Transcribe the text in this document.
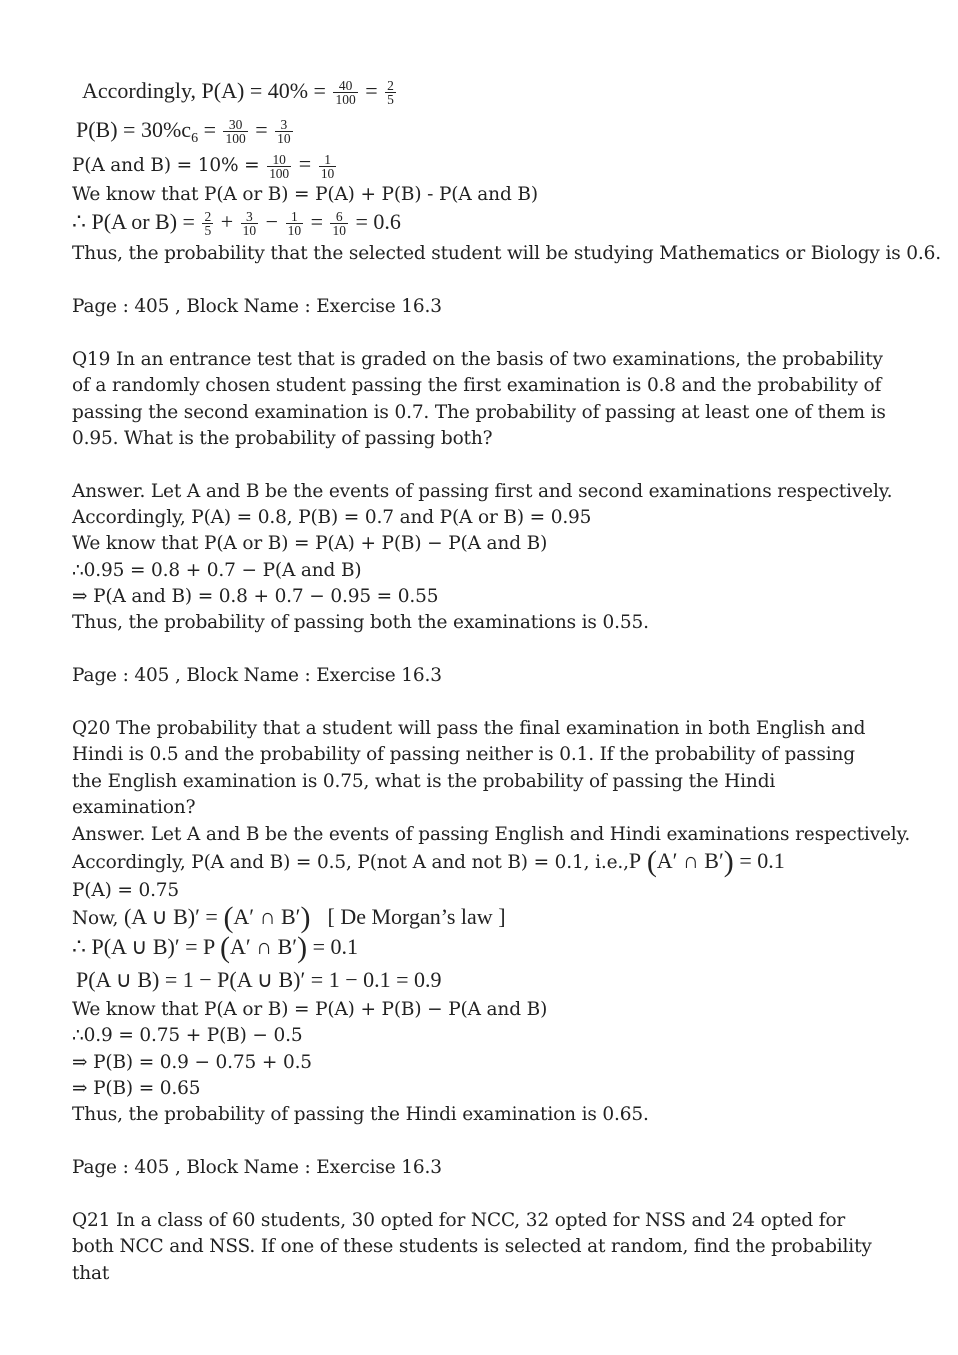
Accordingly, $P(A) = 40\% = \frac{40}{100} = \frac{2}{5}$
$P(B) = 30\%c_6 = \frac{30}{100} = \frac{3}{10}$
P(A and $B) = 10\% = \frac{10}{100} = \frac{1}{10}$
We know that P(A or B) = P(A) + P(B) - P(A and B)
∴ P(A or $B) = \frac{2}{5} + \frac{3}{10} - \frac{1}{10} = \frac{6}{10} = 0.6$
Thus, the probability that the selected student will be studying Mathematics or Biology is 0.6.
Page : 405 , Block Name : Exercise 16.3
Q19 In an entrance test that is graded on the basis of two examinations, the probability of a randomly chosen student passing the first examination is 0.8 and the probability of passing the second examination is 0.7. The probability of passing at least one of them is 0.95. What is the probability of passing both?
Answer. Let A and B be the events of passing first and second examinations respectively.
Accordingly, P(A) = 0.8, P(B) = 0.7 and P(A or B) = 0.95
We know that P(A or B) = P(A) + P(B) − P(A and B)
∴0.95 = 0.8 + 0.7 − P(A and B)
⇒ P(A and B) = 0.8 + 0.7 − 0.95 = 0.55
Thus, the probability of passing both the examinations is 0.55.
Page : 405 , Block Name : Exercise 16.3
Q20 The probability that a student will pass the final examination in both English and Hindi is 0.5 and the probability of passing neither is 0.1. If the probability of passing the English examination is 0.75, what is the probability of passing the Hindi examination?
Answer. Let A and B be the events of passing English and Hindi examinations respectively.
Accordingly, P(A and B) = 0.5, P(not A and not B) = 0.1, i.e.,P (A′ ∩ B′) = 0.1
P(A) = 0.75
Now, (A ∪ B)′ = (A′ ∩ B′) [ De Morgan’s law ]
∴ P(A ∪ B)′ = P (A′ ∩ B′) = 0.1
P(A ∪ B) = 1 − P(A ∪ B)′ = 1 − 0.1 = 0.9
We know that P(A or B) = P(A) + P(B) − P(A and B)
∴0.9 = 0.75 + P(B) − 0.5
⇒ P(B) = 0.9 − 0.75 + 0.5
⇒ P(B) = 0.65
Thus, the probability of passing the Hindi examination is 0.65.
Page : 405 , Block Name : Exercise 16.3
Q21 In a class of 60 students, 30 opted for NCC, 32 opted for NSS and 24 opted for both NCC and NSS. If one of these students is selected at random, find the probability that
